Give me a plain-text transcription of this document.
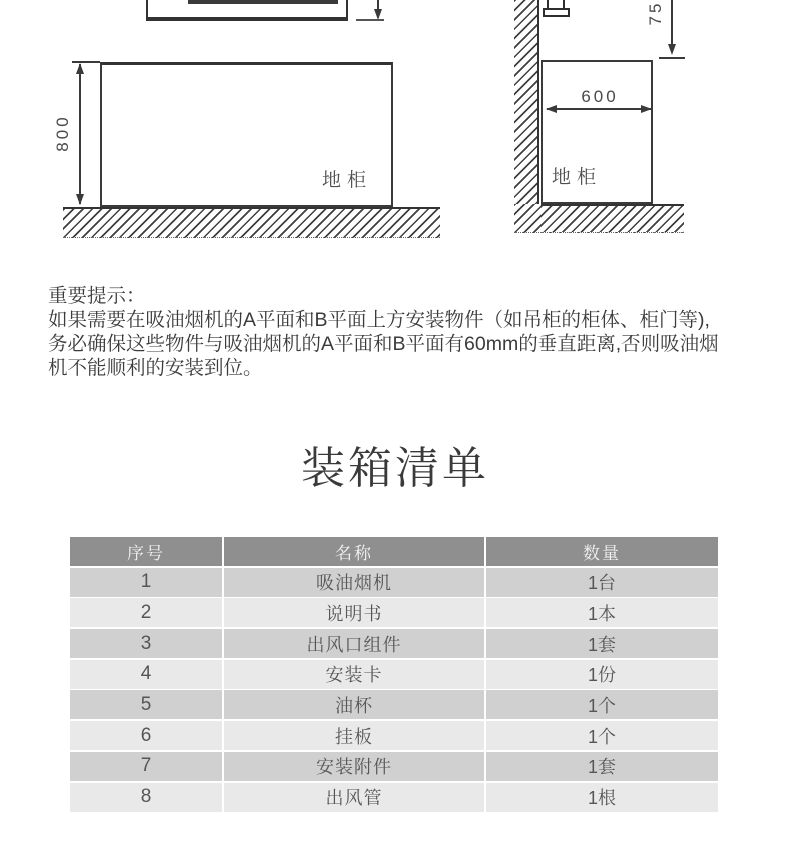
800
地柜
75
600
地柜
重要提示：
如果需要在吸油烟机的A平面和B平面上方安装物件（如吊柜的柜体、柜门等),
务必确保这些物件与吸油烟机的A平面和B平面有60mm的垂直距离,否则吸油烟
机不能顺利的安装到位。
装箱清单
序号	名称	数量
1	吸油烟机	1台
2	说明书	1本
3	出风口组件	1套
4	安装卡	1份
5	油杯	1个
6	挂板	1个
7	安装附件	1套
8	出风管	1根
